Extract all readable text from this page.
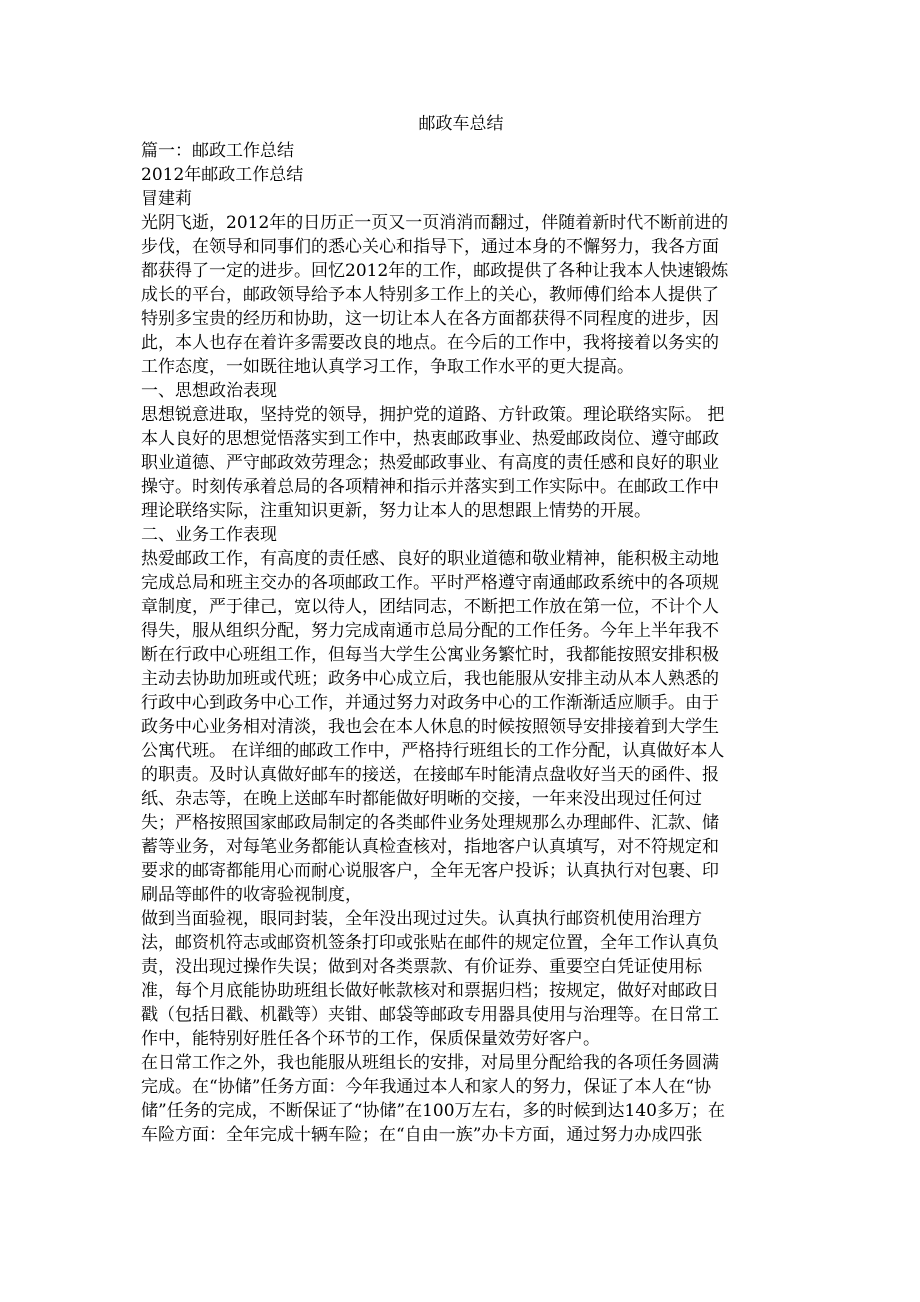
邮政车总结

篇一：邮政工作总结

2012年邮政工作总结

冒建莉

光阴飞逝，2012年的日历正一页又一页消消而翻过，伴随着新时代不断前进的

步伐，在领导和同事们的悉心关心和指导下，通过本身的不懈努力，我各方面

都获得了一定的进步。回忆2012年的工作，邮政提供了各种让我本人快速锻炼

成长的平台，邮政领导给予本人特别多工作上的关心，教师傅们给本人提供了

特别多宝贵的经历和协助，这一切让本人在各方面都获得不同程度的进步，因

此，本人也存在着许多需要改良的地点。在今后的工作中，我将接着以务实的

工作态度，一如既往地认真学习工作，争取工作水平的更大提高。

一、思想政治表现

思想锐意进取，坚持党的领导，拥护党的道路、方针政策。理论联络实际。 把

本人良好的思想觉悟落实到工作中，热衷邮政事业、热爱邮政岗位、遵守邮政

职业道德、严守邮政效劳理念；热爱邮政事业、有高度的责任感和良好的职业

操守。时刻传承着总局的各项精神和指示并落实到工作实际中。在邮政工作中

理论联络实际，注重知识更新，努力让本人的思想跟上情势的开展。

二、业务工作表现

热爱邮政工作，有高度的责任感、良好的职业道德和敬业精神，能积极主动地

完成总局和班主交办的各项邮政工作。平时严格遵守南通邮政系统中的各项规

章制度，严于律己，宽以待人，团结同志，不断把工作放在第一位，不计个人

得失，服从组织分配，努力完成南通市总局分配的工作任务。今年上半年我不

断在行政中心班组工作，但每当大学生公寓业务繁忙时，我都能按照安排积极

主动去协助加班或代班；政务中心成立后，我也能服从安排主动从本人熟悉的

行政中心到政务中心工作，并通过努力对政务中心的工作渐渐适应顺手。由于

政务中心业务相对清淡，我也会在本人休息的时候按照领导安排接着到大学生

公寓代班。 在详细的邮政工作中，严格持行班组长的工作分配，认真做好本人

的职责。及时认真做好邮车的接送，在接邮车时能清点盘收好当天的函件、报

纸、杂志等，在晚上送邮车时都能做好明晰的交接，一年来没出现过任何过

失；严格按照国家邮政局制定的各类邮件业务处理规那么办理邮件、汇款、储

蓄等业务，对每笔业务都能认真检查核对，指地客户认真填写，对不符规定和

要求的邮寄都能用心而耐心说服客户，全年无客户投诉；认真执行对包裹、印

刷品等邮件的收寄验视制度，

做到当面验视，眼同封装，全年没出现过过失。认真执行邮资机使用治理方

法，邮资机符志或邮资机签条打印或张贴在邮件的规定位置，全年工作认真负

责，没出现过操作失误；做到对各类票款、有价证券、重要空白凭证使用标

准，每个月底能协助班组长做好帐款核对和票据归档；按规定，做好对邮政日

戳（包括日戳、机戳等）夹钳、邮袋等邮政专用器具使用与治理等。在日常工

作中，能特别好胜任各个环节的工作，保质保量效劳好客户。

在日常工作之外，我也能服从班组长的安排，对局里分配给我的各项任务圆满

完成。在“协储”任务方面：今年我通过本人和家人的努力，保证了本人在“协

储”任务的完成，不断保证了“协储”在100万左右，多的时候到达140多万；在

车险方面：全年完成十辆车险；在“自由一族”办卡方面，通过努力办成四张
